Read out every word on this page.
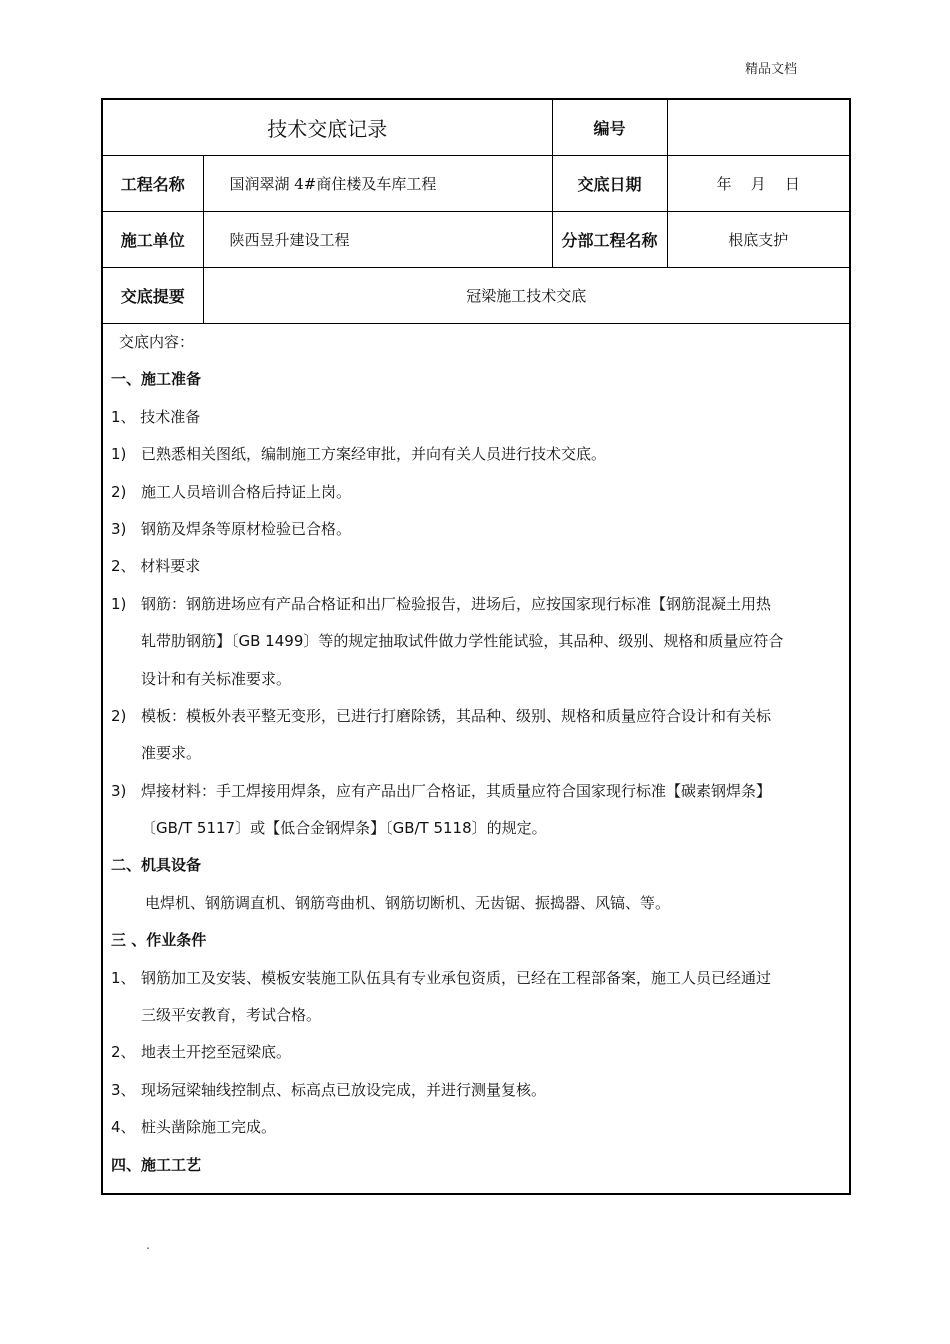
精品文档
技术交底记录		编号	
工程名称	国润翠湖 4#商住楼及车库工程	交底日期	年    月    日
施工单位	陕西昱升建设工程	分部工程名称	根底支护
交底提要	冠梁施工技术交底		
交底内容：
一、施工准备
1、 技术准备
1) 已熟悉相关图纸，编制施工方案经审批，并向有关人员进行技术交底。
2) 施工人员培训合格后持证上岗。
3) 钢筋及焊条等原材检验已合格。
2、 材料要求
1) 钢筋：钢筋进场应有产品合格证和出厂检验报告，进场后，应按国家现行标准【钢筋混凝土用热
轧带肋钢筋】〔GB 1499〕等的规定抽取试件做力学性能试验，其品种、级别、规格和质量应符合
设计和有关标准要求。
2) 模板：模板外表平整无变形，已进行打磨除锈，其品种、级别、规格和质量应符合设计和有关标
准要求。
3) 焊接材料：手工焊接用焊条，应有产品出厂合格证，其质量应符合国家现行标准【碳素钢焊条】
〔GB/T 5117〕或【低合金钢焊条】〔GB/T 5118〕的规定。
二、机具设备
电焊机、钢筋调直机、钢筋弯曲机、钢筋切断机、无齿锯、振捣器、风镐、等。
三 、作业条件
1、 钢筋加工及安装、模板安装施工队伍具有专业承包资质，已经在工程部备案，施工人员已经通过
三级平安教育，考试合格。
2、 地表土开挖至冠梁底。
3、 现场冠梁轴线控制点、标高点已放设完成，并进行测量复核。
4、 桩头凿除施工完成。
四、施工工艺
.
